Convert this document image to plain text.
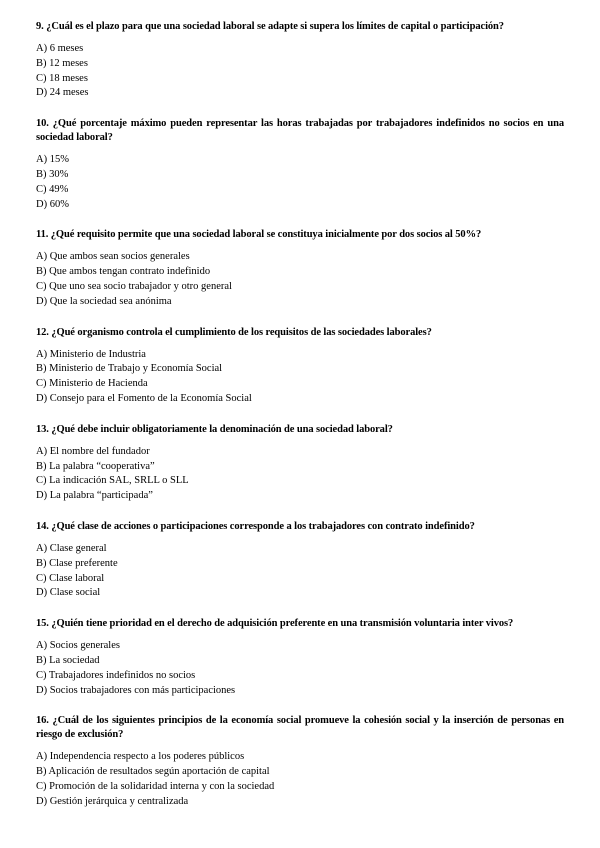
9. ¿Cuál es el plazo para que una sociedad laboral se adapte si supera los límites de capital o participación?

A) 6 meses
B) 12 meses
C) 18 meses
D) 24 meses

10. ¿Qué porcentaje máximo pueden representar las horas trabajadas por trabajadores indefinidos no socios en una sociedad laboral?

A) 15%
B) 30%
C) 49%
D) 60%

11. ¿Qué requisito permite que una sociedad laboral se constituya inicialmente por dos socios al 50%?

A) Que ambos sean socios generales
B) Que ambos tengan contrato indefinido
C) Que uno sea socio trabajador y otro general
D) Que la sociedad sea anónima

12. ¿Qué organismo controla el cumplimiento de los requisitos de las sociedades laborales?

A) Ministerio de Industria
B) Ministerio de Trabajo y Economía Social
C) Ministerio de Hacienda
D) Consejo para el Fomento de la Economía Social

13. ¿Qué debe incluir obligatoriamente la denominación de una sociedad laboral?

A) El nombre del fundador
B) La palabra “cooperativa”
C) La indicación SAL, SRLL o SLL
D) La palabra “participada”

14. ¿Qué clase de acciones o participaciones corresponde a los trabajadores con contrato indefinido?

A) Clase general
B) Clase preferente
C) Clase laboral
D) Clase social

15. ¿Quién tiene prioridad en el derecho de adquisición preferente en una transmisión voluntaria inter vivos?

A) Socios generales
B) La sociedad
C) Trabajadores indefinidos no socios
D) Socios trabajadores con más participaciones

16. ¿Cuál de los siguientes principios de la economía social promueve la cohesión social y la inserción de personas en riesgo de exclusión?

A) Independencia respecto a los poderes públicos
B) Aplicación de resultados según aportación de capital
C) Promoción de la solidaridad interna y con la sociedad
D) Gestión jerárquica y centralizada
